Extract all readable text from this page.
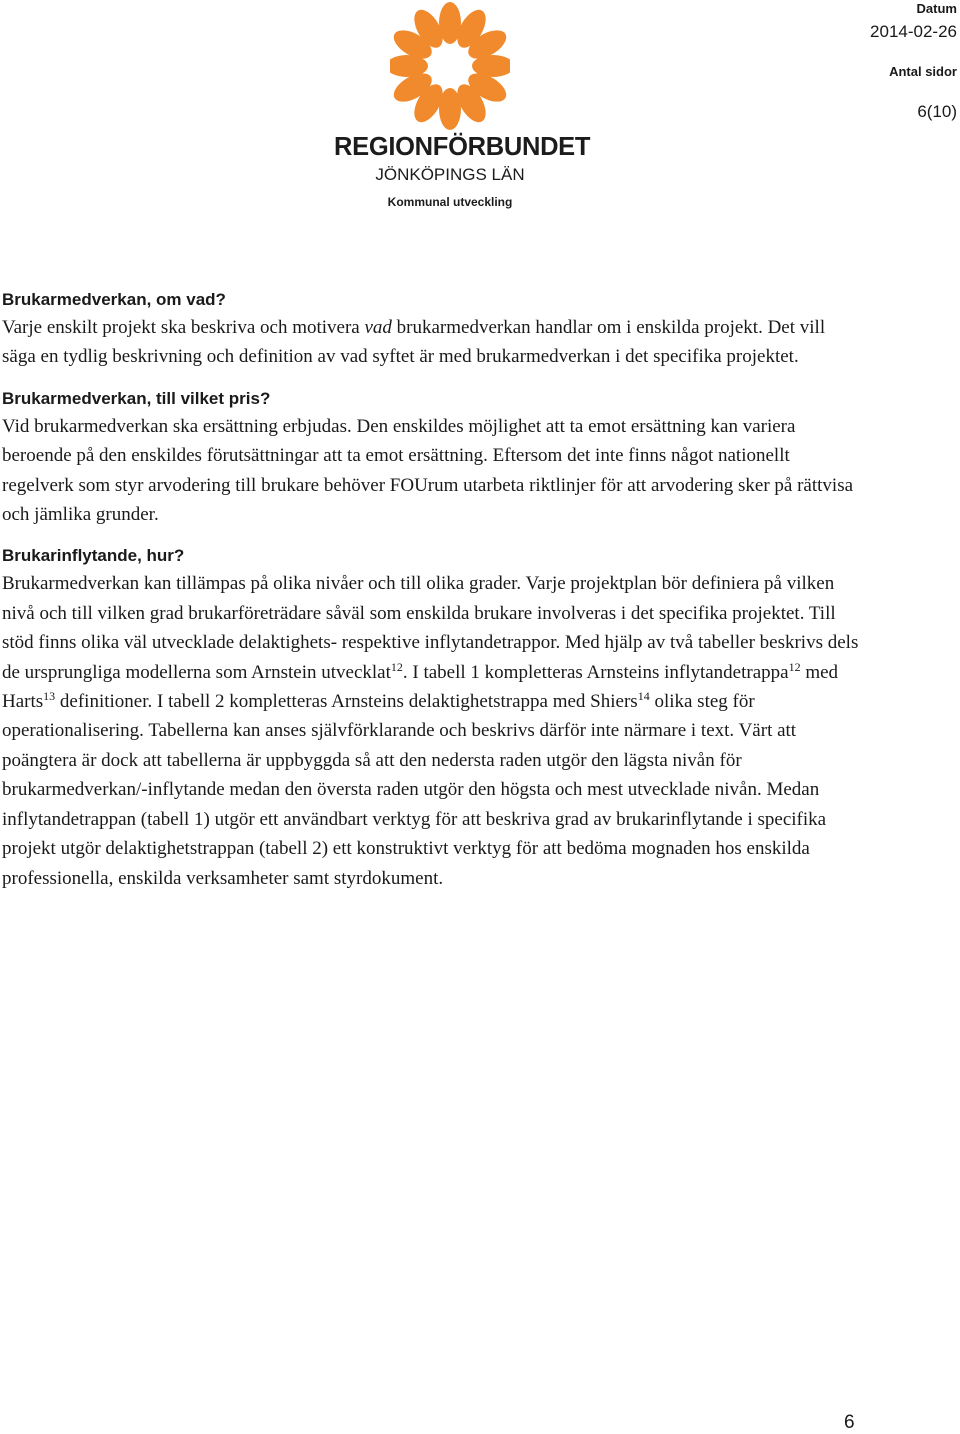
REGIONFÖRBUNDET
JÖNKÖPINGS LÄN
Kommunal utveckling
Datum
2014-02-26
Antal sidor
6(10)
Brukarmedverkan, om vad?

Varje enskilt projekt ska beskriva och motivera vad brukarmedverkan handlar om i enskilda projekt. Det vill säga en tydlig beskrivning och definition av vad syftet är med brukarmedverkan i det specifika projektet.

Brukarmedverkan, till vilket pris?

Vid brukarmedverkan ska ersättning erbjudas. Den enskildes möjlighet att ta emot ersättning kan variera beroende på den enskildes förutsättningar att ta emot ersättning. Eftersom det inte finns något nationellt regelverk som styr arvodering till brukare behöver FOUrum utarbeta riktlinjer för att arvodering sker på rättvisa och jämlika grunder.

Brukarinflytande, hur?

Brukarmedverkan kan tillämpas på olika nivåer och till olika grader. Varje projektplan bör definiera på vilken nivå och till vilken grad brukarföreträdare såväl som enskilda brukare involveras i det specifika projektet. Till stöd finns olika väl utvecklade delaktighets- respektive inflytandetrappor. Med hjälp av två tabeller beskrivs dels de ursprungliga modellerna som Arnstein utvecklat$^{12}$. I tabell 1 kompletteras Arnsteins inflytandetrappa$^{12}$ med Harts$^{13}$ definitioner. I tabell 2 kompletteras Arnsteins delaktighetstrappa med Shiers$^{14}$ olika steg för operationalisering. Tabellerna kan anses självförklarande och beskrivs därför inte närmare i text. Värt att poängtera är dock att tabellerna är uppbyggda så att den nedersta raden utgör den lägsta nivån för brukarmedverkan/-inflytande medan den översta raden utgör den högsta och mest utvecklade nivån. Medan inflytandetrappan (tabell 1) utgör ett användbart verktyg för att beskriva grad av brukarinflytande i specifika projekt utgör delaktighetstrappan (tabell 2) ett konstruktivt verktyg för att bedöma mognaden hos enskilda professionella, enskilda verksamheter samt styrdokument.

6
